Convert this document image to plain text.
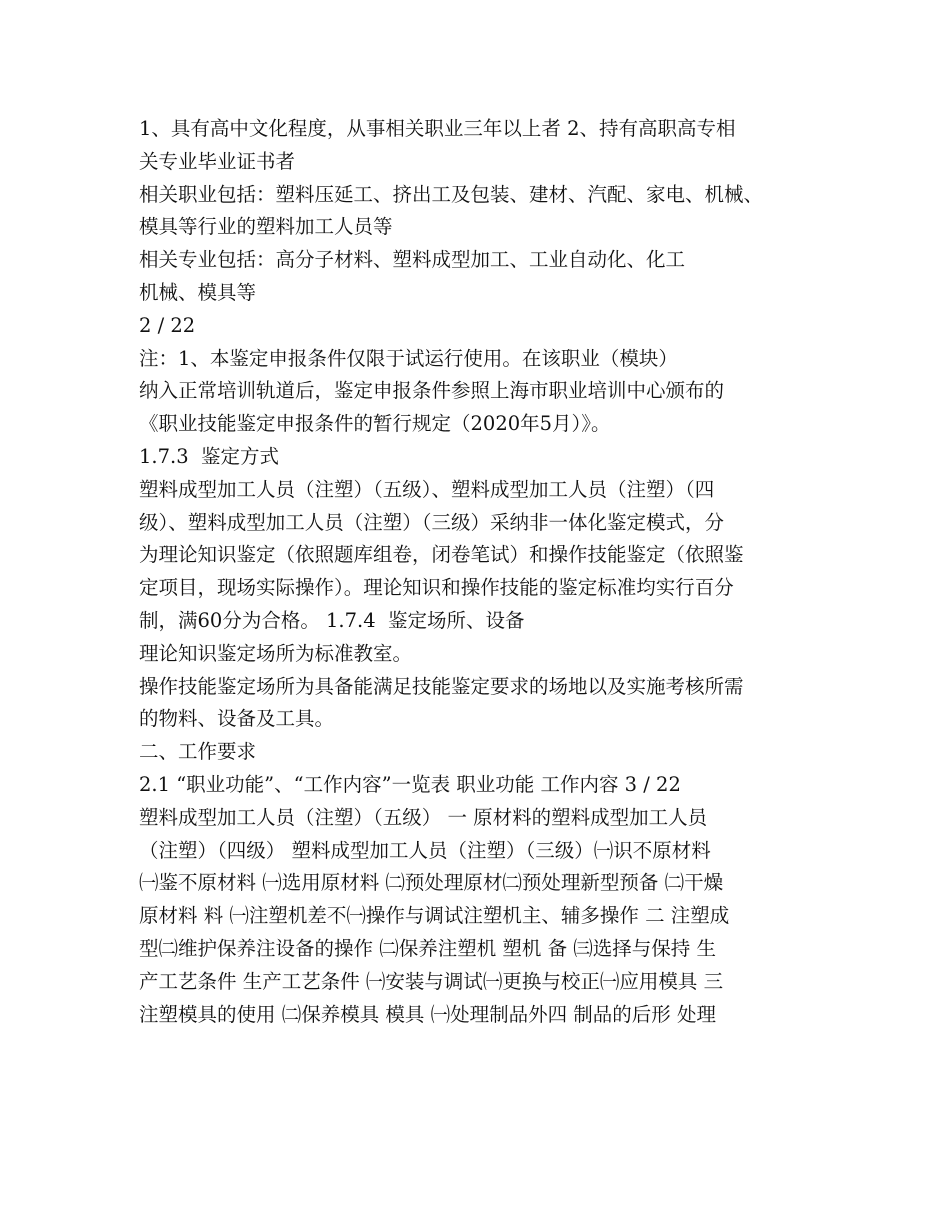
1、具有高中文化程度，从事相关职业三年以上者 2、持有高职高专相
关专业毕业证书者
相关职业包括：塑料压延工、挤出工及包装、建材、汽配、家电、机械、
模具等行业的塑料加工人员等
相关专业包括：高分子材料、塑料成型加工、工业自动化、化工
机械、模具等
2 / 22
注：1、本鉴定申报条件仅限于试运行使用。在该职业（模块）
纳入正常培训轨道后，鉴定申报条件参照上海市职业培训中心颁布的
《职业技能鉴定申报条件的暂行规定（2020年5月）》。
1.7.3  鉴定方式
塑料成型加工人员（注塑）（五级）、塑料成型加工人员（注塑）（四
级）、塑料成型加工人员（注塑）（三级）采纳非一体化鉴定模式，分
为理论知识鉴定（依照题库组卷，闭卷笔试）和操作技能鉴定（依照鉴
定项目，现场实际操作）。理论知识和操作技能的鉴定标准均实行百分
制，满60分为合格。 1.7.4  鉴定场所、设备
理论知识鉴定场所为标准教室。
操作技能鉴定场所为具备能满足技能鉴定要求的场地以及实施考核所需
的物料、设备及工具。
二、工作要求
2.1 “职业功能”、“工作内容”一览表 职业功能 工作内容 3 / 22
塑料成型加工人员（注塑）（五级） 一 原材料的塑料成型加工人员
（注塑）（四级） 塑料成型加工人员（注塑）（三级）㈠识不原材料
㈠鉴不原材料 ㈠选用原材料 ㈡预处理原材㈡预处理新型预备 ㈡干燥
原材料 料 ㈠注塑机差不㈠操作与调试注塑机主、辅多操作 二 注塑成
型㈡维护保养注设备的操作 ㈡保养注塑机 塑机 备 ㈢选择与保持 生
产工艺条件 生产工艺条件 ㈠安装与调试㈠更换与校正㈠应用模具 三
注塑模具的使用 ㈡保养模具 模具 ㈠处理制品外四 制品的后形 处理
